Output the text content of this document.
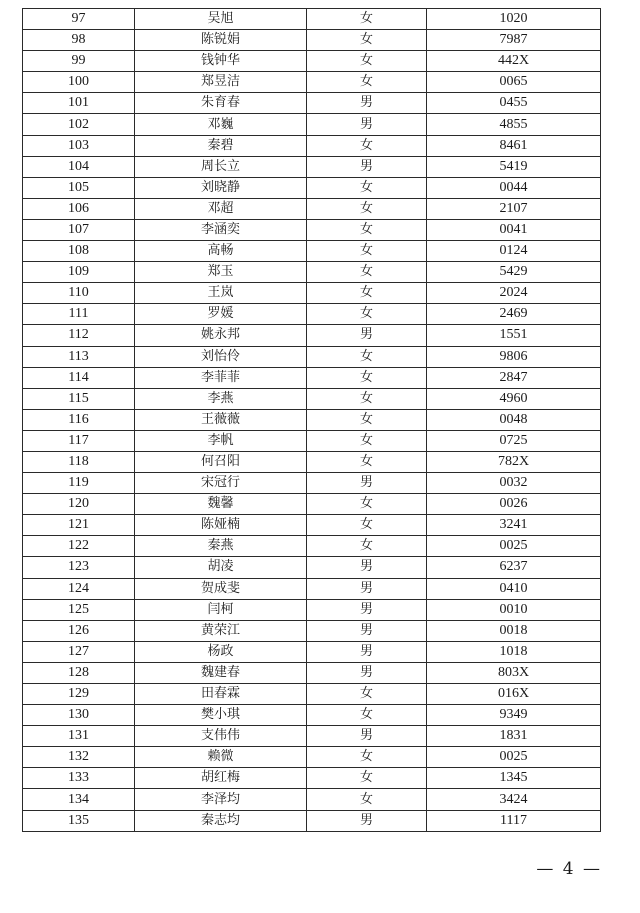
97	吴旭	女	1020
98	陈锐娟	女	7987
99	钱钟华	女	442X
100	郑昱洁	女	0065
101	朱育春	男	0455
102	邓巍	男	4855
103	秦碧	女	8461
104	周长立	男	5419
105	刘晓静	女	0044
106	邓超	女	2107
107	李涵奕	女	0041
108	高畅	女	0124
109	郑玉	女	5429
110	王岚	女	2024
111	罗媛	女	2469
112	姚永邦	男	1551
113	刘怡伶	女	9806
114	李菲菲	女	2847
115	李燕	女	4960
116	王薇薇	女	0048
117	李帆	女	0725
118	何召阳	女	782X
119	宋冠行	男	0032
120	魏馨	女	0026
121	陈娅楠	女	3241
122	秦燕	女	0025
123	胡凌	男	6237
124	贺成斐	男	0410
125	闫柯	男	0010
126	黄荣江	男	0018
127	杨政	男	1018
128	魏建春	男	803X
129	田春霖	女	016X
130	樊小琪	女	9349
131	支伟伟	男	1831
132	赖微	女	0025
133	胡红梅	女	1345
134	李泽均	女	3424
135	秦志均	男	1117
— 4 —
